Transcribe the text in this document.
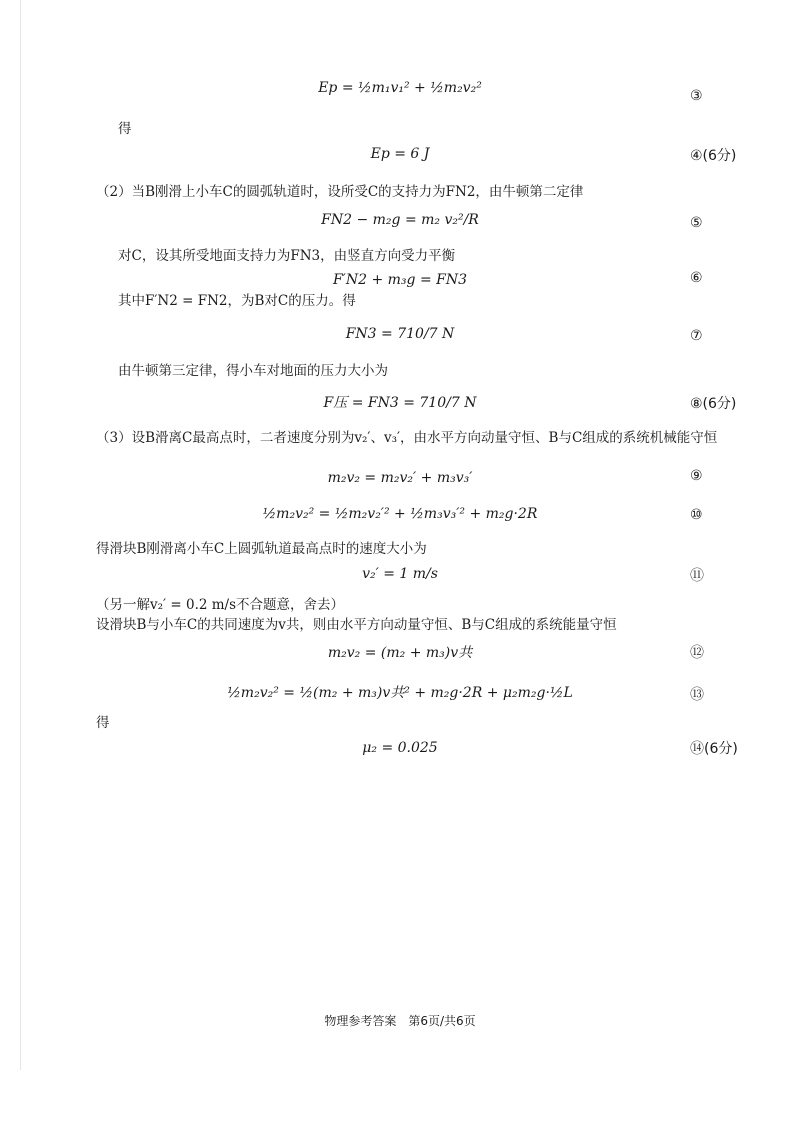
Ep = ½m₁v₁² + ½m₂v₂²	③
得
Ep = 6 J	④(6分)
（2）当B刚滑上小车C的圆弧轨道时，设所受C的支持力为FN2，由牛顿第二定律
FN2 − m₂g = m₂ v₂²/R	⑤
对C，设其所受地面支持力为FN3，由竖直方向受力平衡
F′N2 + m₃g = FN3	⑥
其中F′N2 = FN2，为B对C的压力。得
FN3 = 710/7 N	⑦
由牛顿第三定律，得小车对地面的压力大小为
F压 = FN3 = 710/7 N	⑧(6分)
（3）设B滑离C最高点时，二者速度分别为v₂′、v₃′，由水平方向动量守恒、B与C组成的系统机械能守恒
m₂v₂ = m₂v₂′ + m₃v₃′	⑨
½m₂v₂² = ½m₂v₂′² + ½m₃v₃′² + m₂g·2R	⑩
得滑块B刚滑离小车C上圆弧轨道最高点时的速度大小为
v₂′ = 1 m/s	⑪
（另一解v₂′ = 0.2 m/s不合题意，舍去）
设滑块B与小车C的共同速度为v共，则由水平方向动量守恒、B与C组成的系统能量守恒
m₂v₂ = (m₂ + m₃)v共	⑫
½m₂v₂² = ½(m₂ + m₃)v共² + m₂g·2R + μ₂m₂g·½L	⑬
得
μ₂ = 0.025	⑭(6分)
物理参考答案　第6页/共6页
